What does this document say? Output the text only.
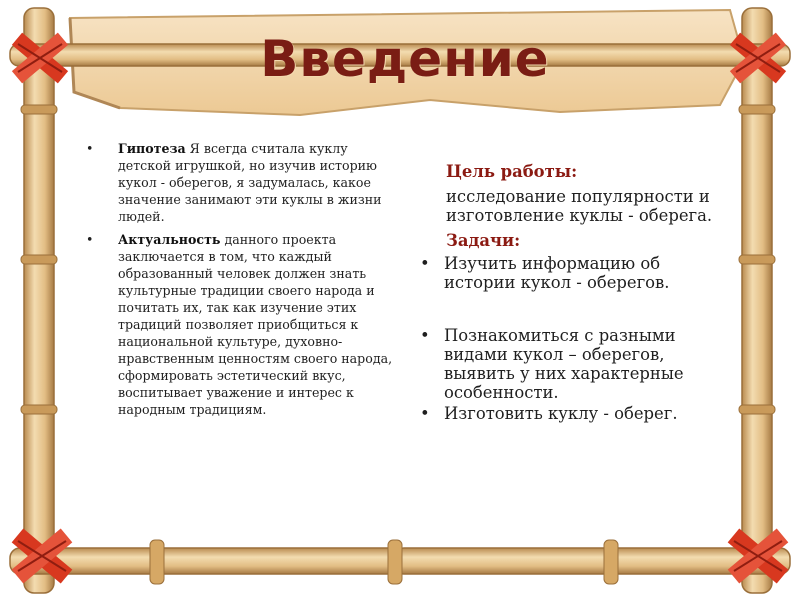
Введение
• Гипотеза Я всегда считала куклу детской игрушкой, но изучив историю кукол - оберегов, я задумалась, какое значение занимают эти куклы в жизни людей.
• Актуальность данного проекта заключается в том, что каждый образованный человек должен знать культурные традиции своего народа и почитать их, так как изучение этих традиций позволяет приобщиться к национальной культуре, духовно-нравственным ценностям своего народа, сформировать эстетический вкус, воспитывает уважение и интерес к народным традициям.
Цель работы:
исследование популярности и изготовление куклы - оберега.
Задачи:
• Изучить информацию об истории кукол - оберегов.
• Познакомиться с разными видами кукол – оберегов, выявить у них характерные особенности.
• Изготовить куклу - оберег.
